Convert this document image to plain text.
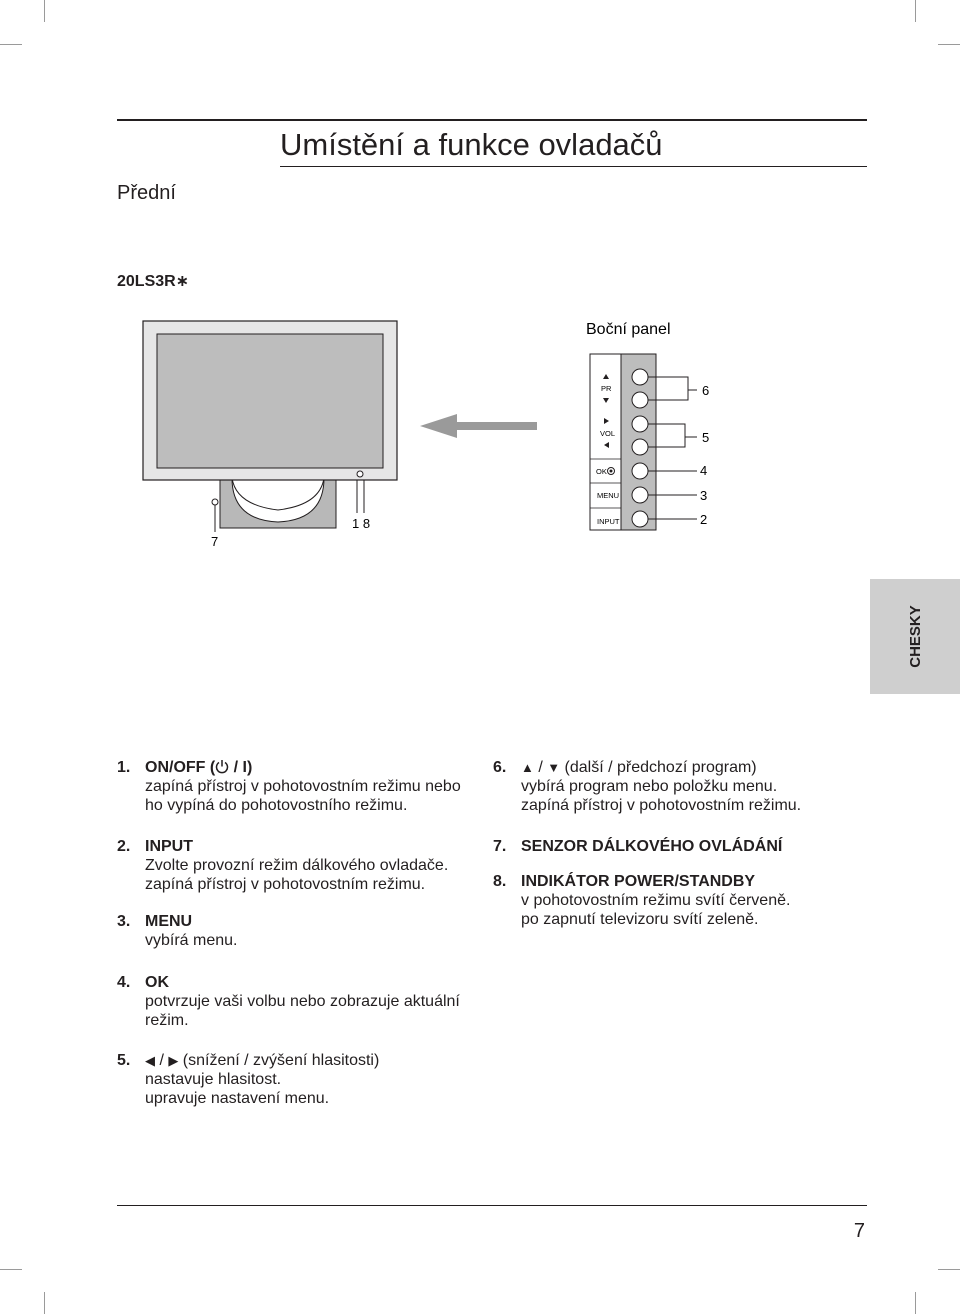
Umístění a funkce ovladačů
Přední
20LS3R∗
CHESKY
7
1 8
Boční panel
PR
VOL
OK
MENU
INPUT
6
5
4
3
2
1. ON/OFF ( / I)
zapíná přístroj v pohotovostním režimu nebo
ho vypíná do pohotovostního režimu.
2. INPUT
Zvolte provozní režim dálkového ovladače.
zapíná přístroj v pohotovostním režimu.
3. MENU
vybírá menu.
4. OK
potvrzuje vaši volbu nebo zobrazuje aktuální
režim.
5. ◀ / ▶ (snížení / zvýšení hlasitosti)
nastavuje hlasitost.
upravuje nastavení menu.
6. ▲ / ▼ (další / předchozí program)
vybírá program nebo položku menu.
zapíná přístroj v pohotovostním režimu.
7. SENZOR DÁLKOVÉHO OVLÁDÁNÍ
8. INDIKÁTOR POWER/STANDBY
v pohotovostním režimu svítí červeně.
po zapnutí televizoru svítí zeleně.
7
